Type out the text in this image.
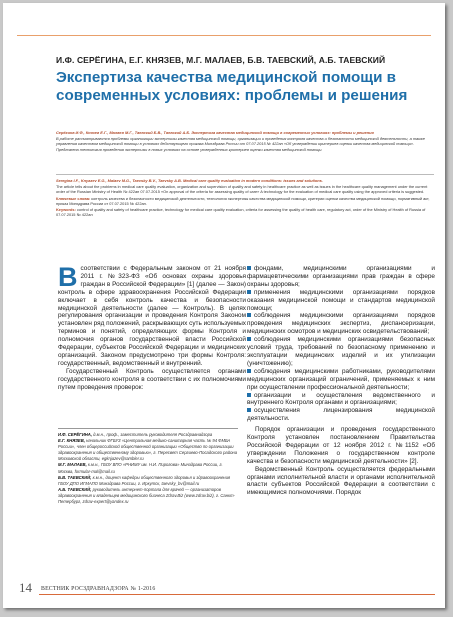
И.Ф. СЕРЁГИНА, Е.Г. КНЯЗЕВ, М.Г. МАЛАЕВ, Б.В. ТАЕВСКИЙ, А.Б. ТАЕВСКИЙ
Экспертиза качества медицинской помощи в современных условиях: проблемы и решения

Серёгина И.Ф., Князев Е.Г., Малаев М.Г., Таевский Б.В., Таевский А.Б. Экспертиза качества медицинской помощи в современных условиях: проблемы и решения

В работе рассматриваются проблемы организации экспертизы качества медицинской помощи, организации и проведения контроля качества и безопасности медицинской деятельности, а также управления качеством медицинской помощи в условиях действующего приказа Минздрава России от 07.07.2015 № 422ан «Об утверждении критериев оценки качества медицинской помощи». Предложена технология проведения экспертизы в новых условиях на основе утвержденных критериев оценки качества медицинской помощи.

Seregina I.F., Knyazev E.G., Malaev M.G., Taevsky B.V., Taevsky A.B. Medical care quality evaluation in modern conditions: issues and solutions.

The article tells about the problems in medical care quality evaluation, organization and supervision of quality and safety in healthcare practice as well as issues in the healthcare quality management under the current order of the Russian Ministry of Health № 422ан 07.07.2015 «On approval of the criteria for assessing quality of care» A technology for the evaluation of medical care quality using the approved criteria is suggested.

Ключевые слова: контроль качества и безопасности медицинской деятельности, технология экспертизы качества медицинской помощи, критерии оценки качества медицинской помощи, нормативный акт, приказ Минздрава России от 07.07.2015 № 422ан.

Keywords: control of quality and safety of healthcare practice, technology for medical care quality evaluation, criteria for assessing the quality of health care, regulatory act, order of the Ministry of Health of Russia of 07.07.2015 № 422ан

Всоответствии с Федеральным законом от 21 ноября 2011 г. №323-ФЗ «Об основах охраны здоровья граждан в Российской Федерации» [1] (далее — Закон) контроль в сфере здравоохранения Российской Федерации включает в себя контроль качества и безопасности медицинской деятельности (далее — Контроль). В целях регулирования организации и проведения Контроля Законом установлен ряд положений, раскрывающих суть используемых терминов и понятий, определяющих формы Контроля и полномочия органов государственной власти Российской Федерации, субъектов Российской Федерации и медицинских организаций. Законом предусмотрено три формы Контроля: государственный, ведомственный и внутренний.

Государственный Контроль осуществляется органами государственного контроля в соответствии с их полномочиями путем проведения проверок:

И.Ф. СЕРЁГИНА, д.м.н., проф., заместитель руководителя Росздравнадзора

Е.Г. КНЯЗЕВ, начальник ФГБУЗ «Центральная медико-санитарная часть № 94 ФМБА России», член общероссийской общественной организации «Общество по организации здравоохранения и общественному здоровью», г. Пересвет Сергиево-Посадского района Московской области, egknjazev@rambler.ru

М.Г. МАЛАЕВ, к.м.н., ГБОУ ВПО «РНИМУ им. Н.И. Пирогова» Минздрава России, г. Москва, formular-mal@mail.ru

Б.В. ТАЕВСКИЙ, к.м.н., доцент кафедры общественного здоровья и здравоохранения ГБОУ ДПО ИГМАПО Минздрава России, г. Иркутск, taevsky_bv@mail.ru

А.Б. ТАЕВСКИЙ, руководитель интернет-портала для врачей — организаторов здравоохранения и владельцев медицинского бизнеса Zdrav.Biz (www.zdrav.biz), г. Санкт-Петербург, zdrav-expert@yandex.ru

фондами, медицинскими организациями и фармацевтическими организациями прав граждан в сфере охраны здоровья;
применения медицинскими организациями порядков оказания медицинской помощи и стандартов медицинской помощи;
соблюдения медицинскими организациями порядков проведения медицинских экспертиз, диспансеризации, медицинских осмотров и медицинских освидетельствований;
соблюдения медицинскими организациями безопасных условий труда, требований по безопасному применению и эксплуатации медицинских изделий и их утилизации (уничтожению);
соблюдения медицинскими работниками, руководителями медицинских организаций ограничений, применяемых к ним при осуществлении профессиональной деятельности;
организации и осуществления ведомственного и внутреннего Контроля органами и организациями;
осуществления лицензирования медицинской деятельности.

Порядок организации и проведения государственного Контроля установлен постановлением Правительства Российской Федерации от 12 ноября 2012 г. №1152 «Об утверждении Положения о государственном контроле качества и безопасности медицинской деятельности» [2].

Ведомственный Контроль осуществляется федеральными органами исполнительной власти и органами исполнительной власти субъектов Российской Федерации в соответствии с имеющимися полномочиями. Порядок

14 ВЕСТНИК РОСЗДРАВНАДЗОРА № 1-2016
